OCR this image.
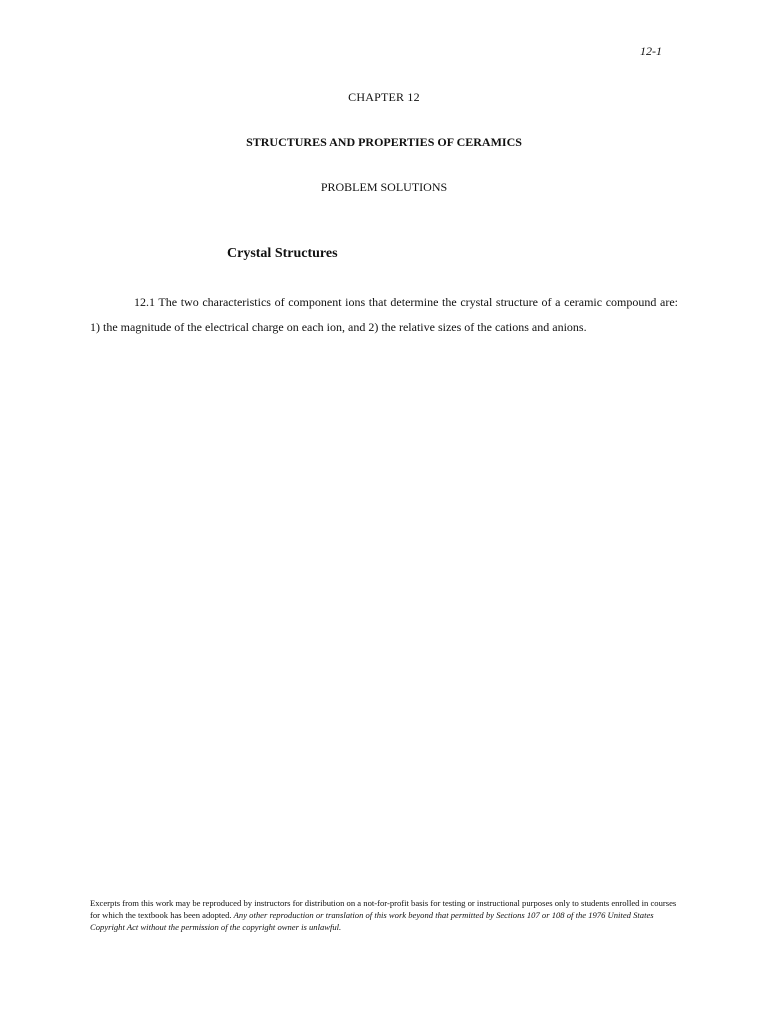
12-1
CHAPTER 12
STRUCTURES AND PROPERTIES OF CERAMICS
PROBLEM SOLUTIONS
Crystal Structures
12.1 The two characteristics of component ions that determine the crystal structure of a ceramic compound are: 1) the magnitude of the electrical charge on each ion, and 2) the relative sizes of the cations and anions.
Excerpts from this work may be reproduced by instructors for distribution on a not-for-profit basis for testing or instructional purposes only to students enrolled in courses for which the textbook has been adopted. Any other reproduction or translation of this work beyond that permitted by Sections 107 or 108 of the 1976 United States Copyright Act without the permission of the copyright owner is unlawful.
